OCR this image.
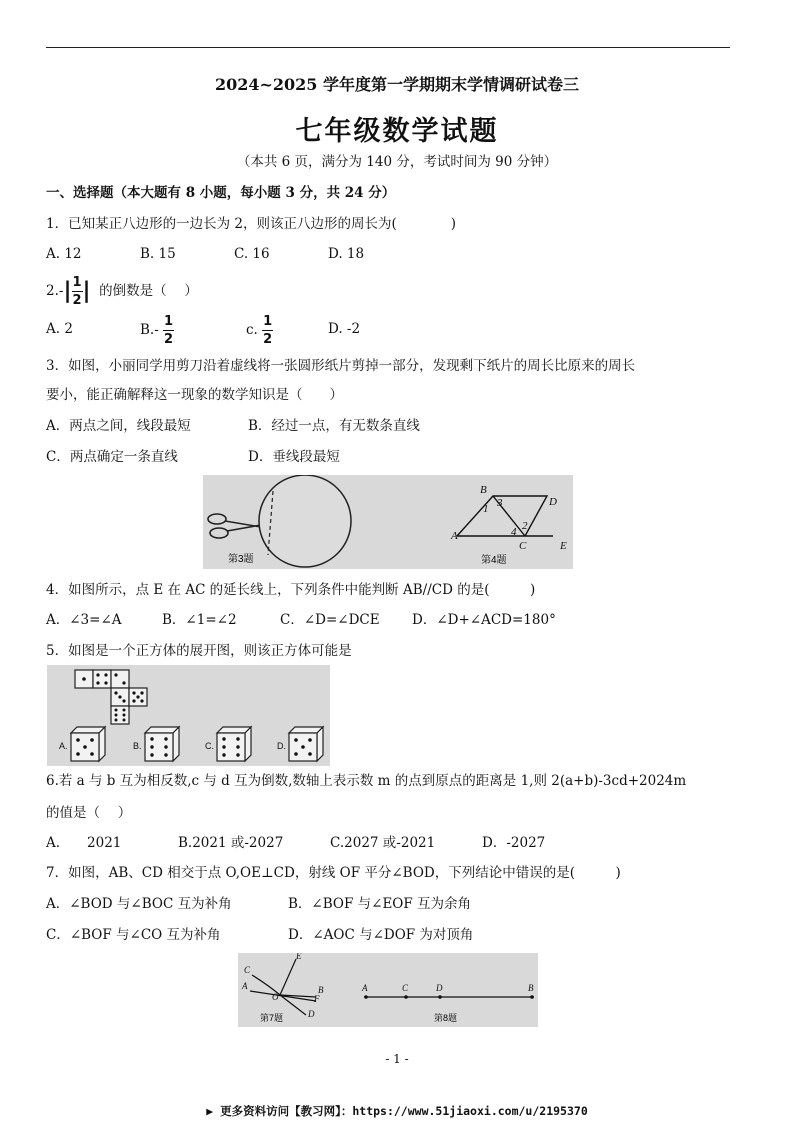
2024~2025 学年度第一学期期末学情调研试卷三
七年级数学试题
（本共 6 页，满分为 140 分，考试时间为 90 分钟）
一、选择题（本大题有 8 小题，每小题 3 分，共 24 分）
1．已知某正八边形的一边长为 2，则该正八边形的周长为(　　　　)
A. 12	B. 15	C. 16	D. 18
$2.-| \frac{1}{2}$ | 的倒数是（　 ）
A. 2	$B.- \frac{1}{2}$	c. $\frac{1}{2}$	D. -2
3．如图，小丽同学用剪刀沿着虚线将一张圆形纸片剪掉一部分，发现剩下纸片的周长比原来的周长
要小，能正确解释这一现象的数学知识是（　　）
A．两点之间，线段最短	B．经过一点，有无数条直线
C．两点确定一条直线	D．垂线段最短
第3题
B
D
A
C	E
1
2
3
4
第4题
4．如图所示，点 E 在 AC 的延长线上，下列条件中能判断 AB//CD 的是(　　　)
A．∠3=∠A	B．∠1=∠2	C．∠D=∠DCE D．∠D+∠ACD=180°
5．如图是一个正方体的展开图，则该正方体可能是
A.	B.	C.	D.
6.若 a 与 b 互为相反数,c 与 d 互为倒数,数轴上表示数 m 的点到原点的距离是 1,则 2(a+b)-3cd+2024m
的值是（　 ）
A.　　2021	B.2021 或-2027	C.2027 或-2021	D．-2027
7．如图，AB、CD 相交于点 O,OE⊥CD，射线 OF 平分∠BOD，下列结论中错误的是(　　　)
A．∠BOD 与∠BOC 互为补角	B．∠BOF 与∠EOF 互为余角
C．∠BOF 与∠CO 互为补角	D．∠AOC 与∠DOF 为对顶角
C
E
A
O	F
B
D
第7题
A	C	D	B
第8题
- 1 -
▶ 更多资料访问【教习网】：https://www.51jiaoxi.com/u/2195370
